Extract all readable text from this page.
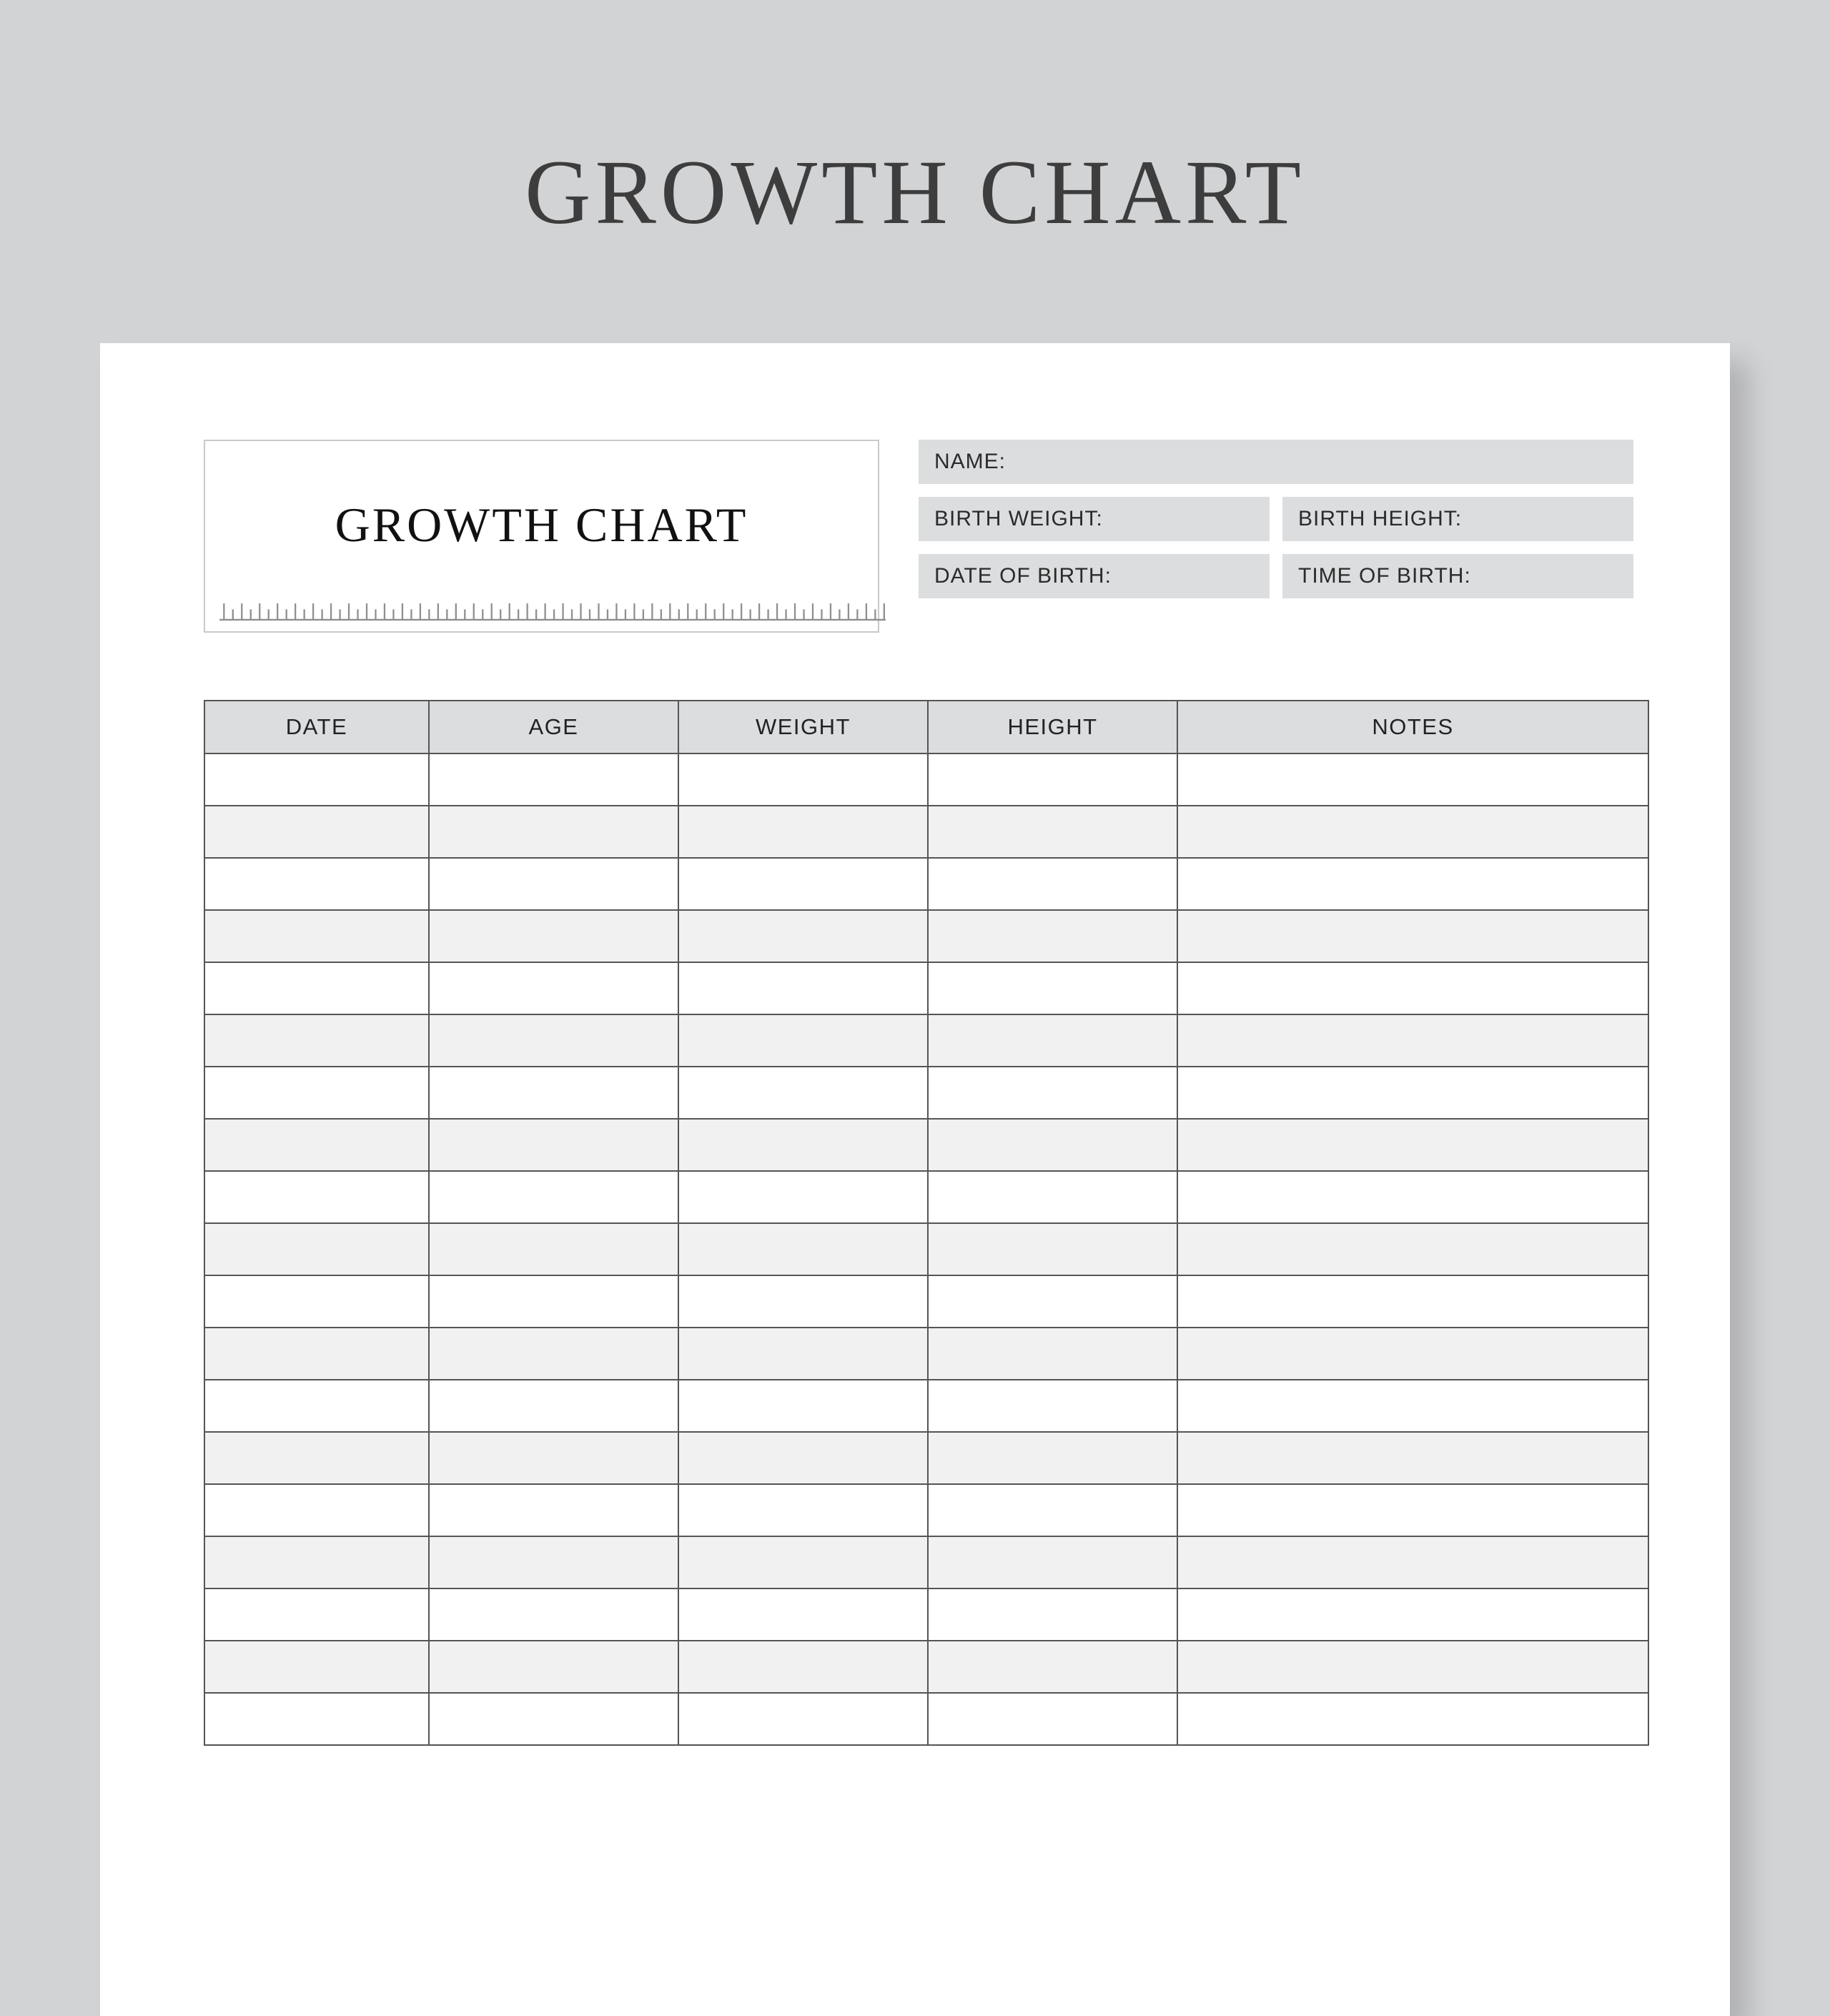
GROWTH CHART
GROWTH CHART
NAME:
BIRTH WEIGHT:	BIRTH HEIGHT:
DATE OF BIRTH:	TIME OF BIRTH:
DATE	AGE	WEIGHT	HEIGHT	NOTES
